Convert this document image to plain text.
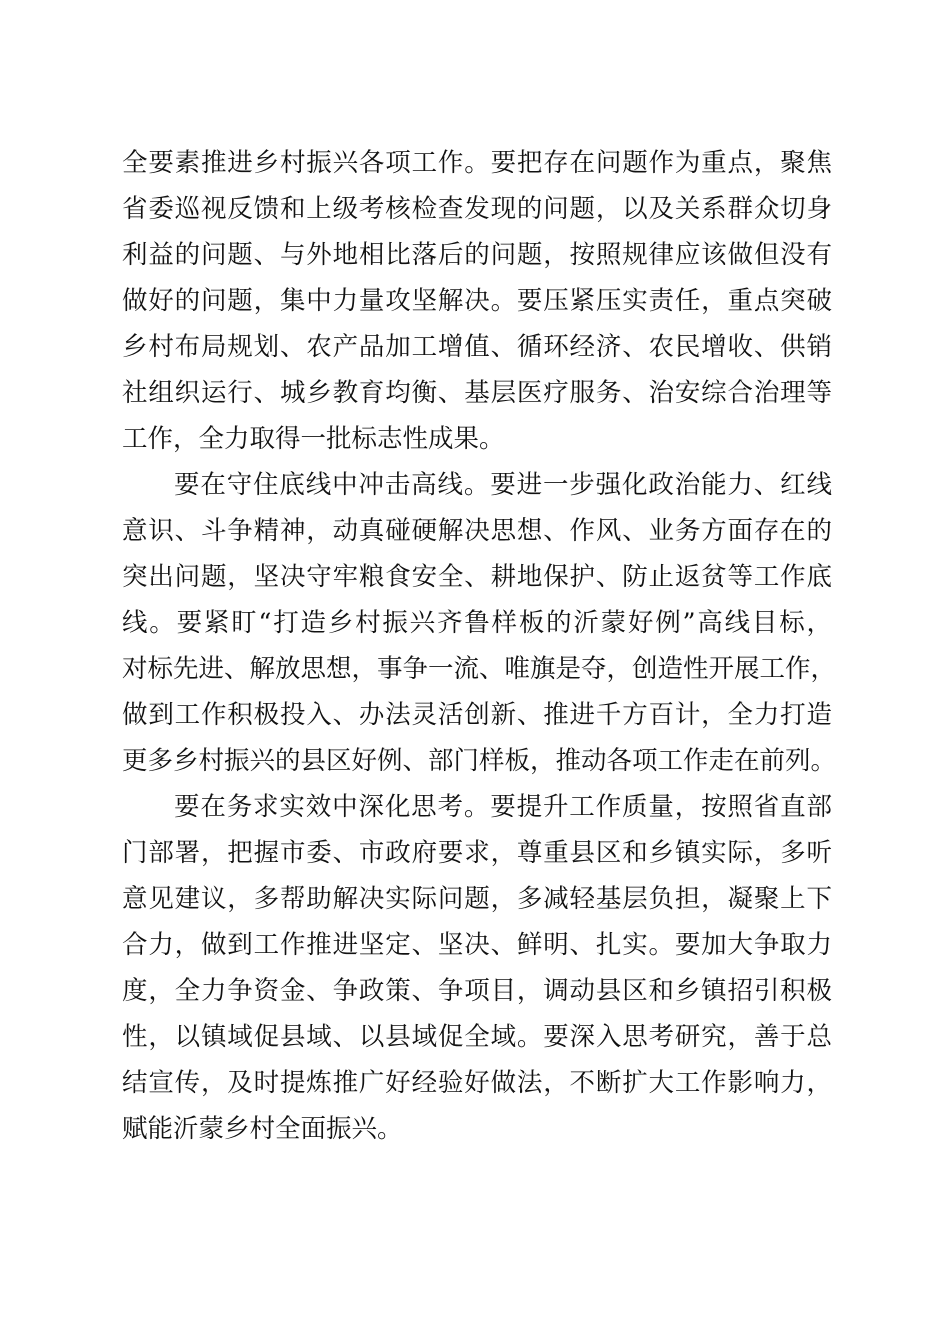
全要素推进乡村振兴各项工作。要把存在问题作为重点，聚焦
省委巡视反馈和上级考核检查发现的问题，以及关系群众切身
利益的问题、与外地相比落后的问题，按照规律应该做但没有
做好的问题，集中力量攻坚解决。要压紧压实责任，重点突破
乡村布局规划、农产品加工增值、循环经济、农民增收、供销
社组织运行、城乡教育均衡、基层医疗服务、治安综合治理等
工作，全力取得一批标志性成果。
要在守住底线中冲击高线。要进一步强化政治能力、红线
意识、斗争精神，动真碰硬解决思想、作风、业务方面存在的
突出问题，坚决守牢粮食安全、耕地保护、防止返贫等工作底
线。要紧盯“打造乡村振兴齐鲁样板的沂蒙好例”高线目标，
对标先进、解放思想，事争一流、唯旗是夺，创造性开展工作，
做到工作积极投入、办法灵活创新、推进千方百计，全力打造
更多乡村振兴的县区好例、部门样板，推动各项工作走在前列。
要在务求实效中深化思考。要提升工作质量，按照省直部
门部署，把握市委、市政府要求，尊重县区和乡镇实际，多听
意见建议，多帮助解决实际问题，多减轻基层负担，凝聚上下
合力，做到工作推进坚定、坚决、鲜明、扎实。要加大争取力
度，全力争资金、争政策、争项目，调动县区和乡镇招引积极
性，以镇域促县域、以县域促全域。要深入思考研究，善于总
结宣传，及时提炼推广好经验好做法，不断扩大工作影响力，
赋能沂蒙乡村全面振兴。
